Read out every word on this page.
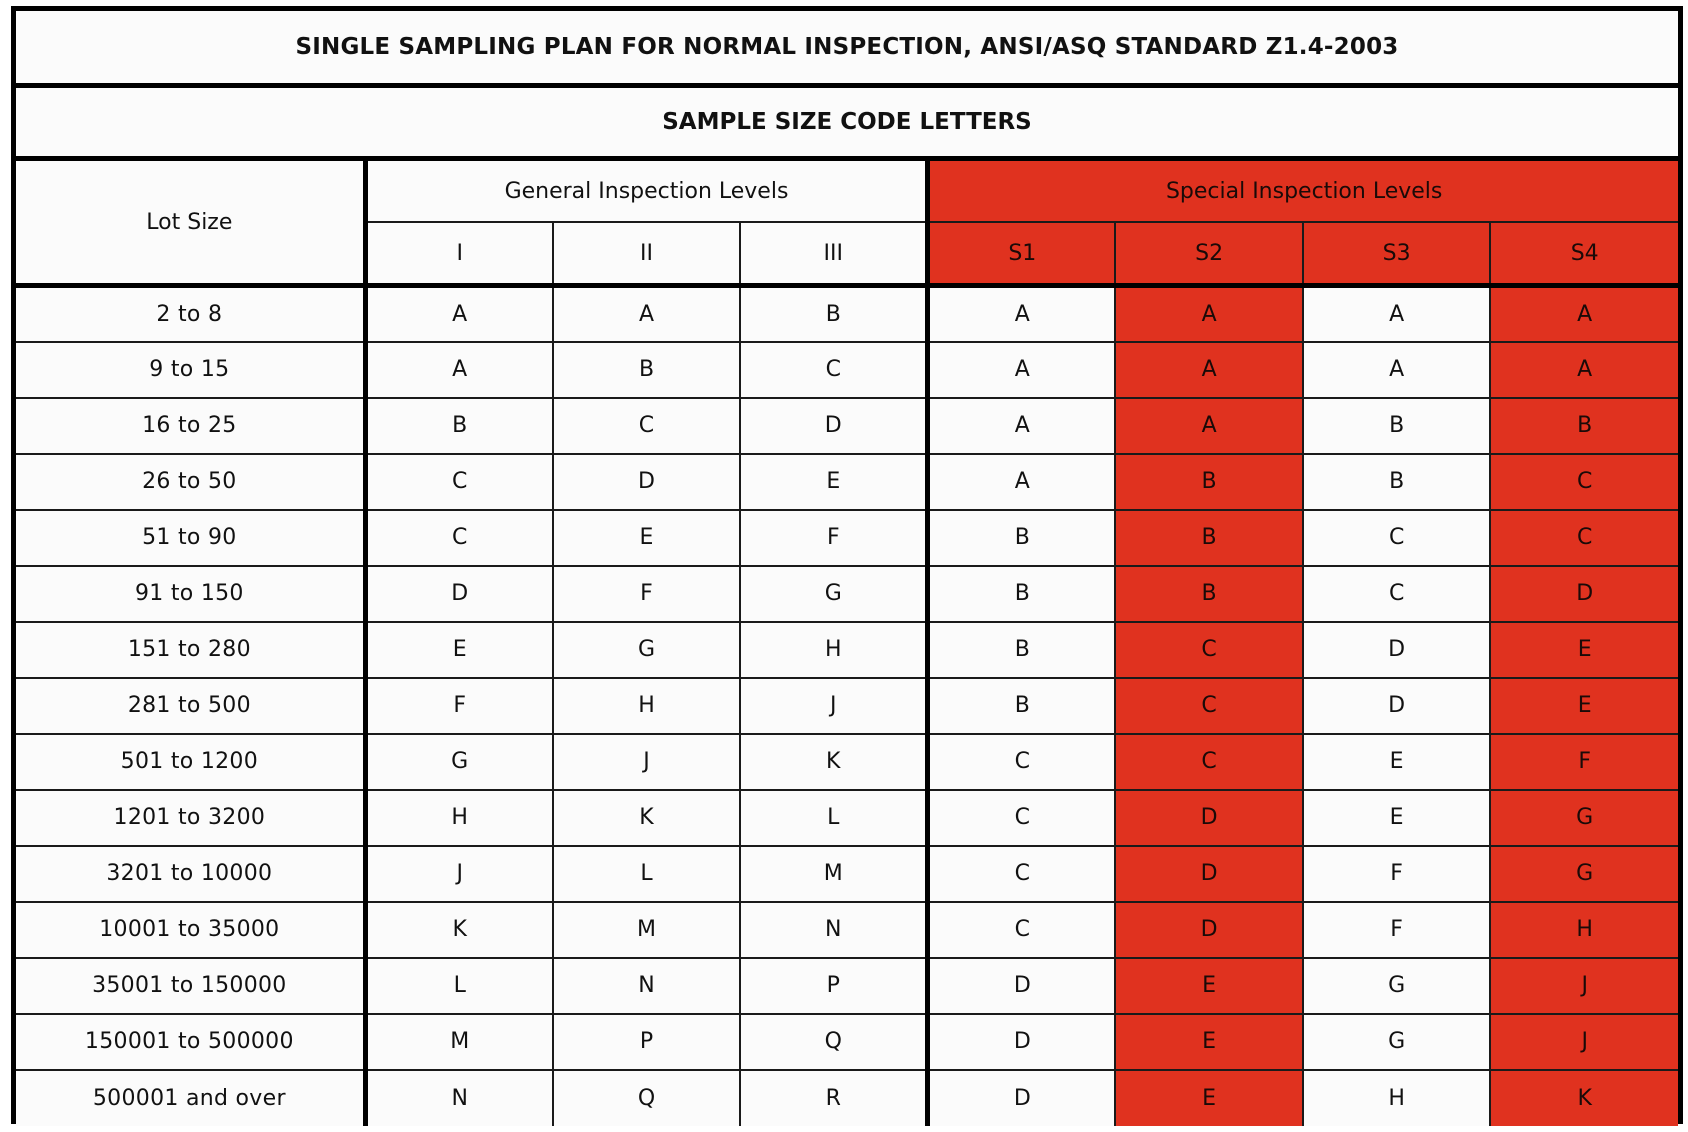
SINGLE SAMPLING PLAN FOR NORMAL INSPECTION, ANSI/ASQ STANDARD Z1.4-2003
SAMPLE SIZE CODE LETTERS
Lot Size	General Inspection Levels			Special Inspection Levels			
	I	II	III	S1	S2	S3	S4
2 to 8	A	A	B	A	A	A	A
9 to 15	A	B	C	A	A	A	A
16 to 25	B	C	D	A	A	B	B
26 to 50	C	D	E	A	B	B	C
51 to 90	C	E	F	B	B	C	C
91 to 150	D	F	G	B	B	C	D
151 to 280	E	G	H	B	C	D	E
281 to 500	F	H	J	B	C	D	E
501 to 1200	G	J	K	C	C	E	F
1201 to 3200	H	K	L	C	D	E	G
3201 to 10000	J	L	M	C	D	F	G
10001 to 35000	K	M	N	C	D	F	H
35001 to 150000	L	N	P	D	E	G	J
150001 to 500000	M	P	Q	D	E	G	J
500001 and over	N	Q	R	D	E	H	K
